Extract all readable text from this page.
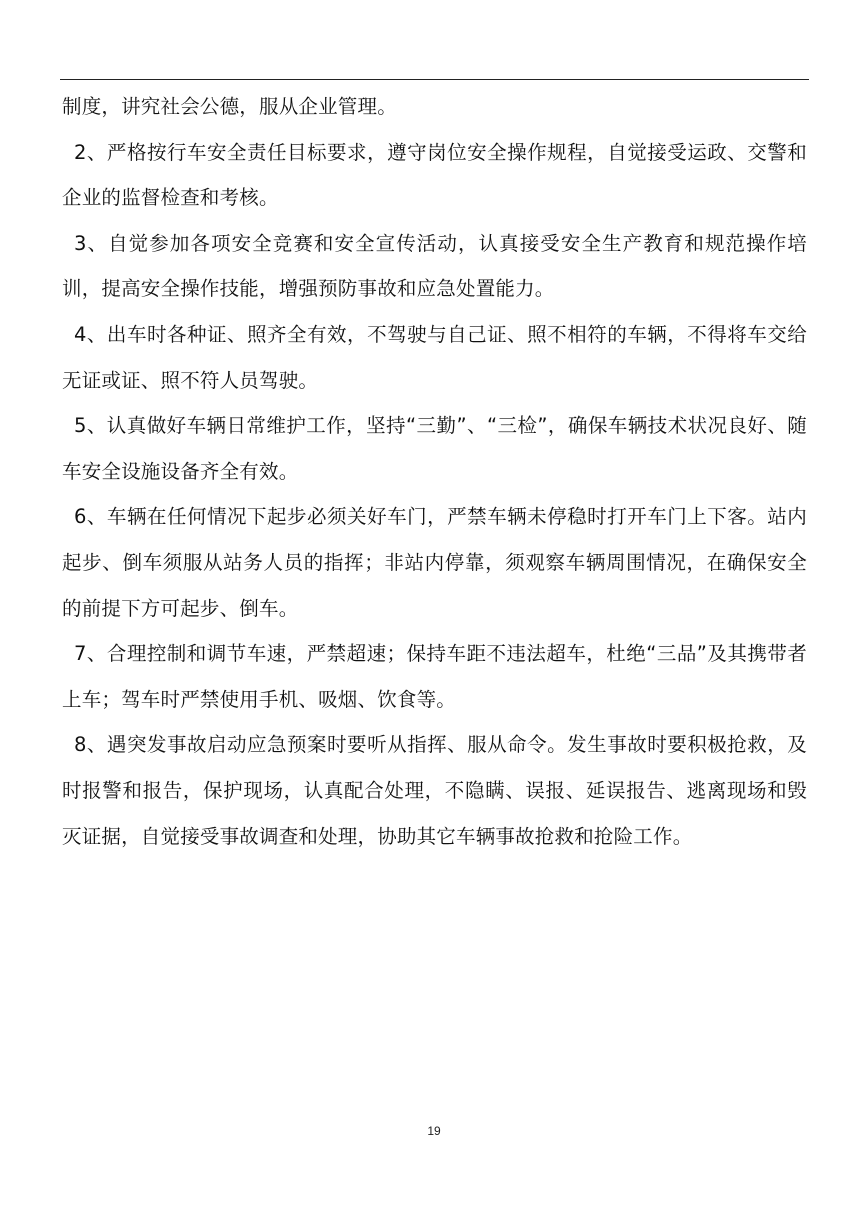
制度，讲究社会公德，服从企业管理。

2、严格按行车安全责任目标要求，遵守岗位安全操作规程，自觉接受运政、交警和企业的监督检查和考核。

3、自觉参加各项安全竞赛和安全宣传活动，认真接受安全生产教育和规范操作培训，提高安全操作技能，增强预防事故和应急处置能力。

4、出车时各种证、照齐全有效，不驾驶与自己证、照不相符的车辆，不得将车交给无证或证、照不符人员驾驶。

5、认真做好车辆日常维护工作，坚持“三勤”、“三检”，确保车辆技术状况良好、随车安全设施设备齐全有效。

6、车辆在任何情况下起步必须关好车门，严禁车辆未停稳时打开车门上下客。站内起步、倒车须服从站务人员的指挥；非站内停靠，须观察车辆周围情况，在确保安全的前提下方可起步、倒车。

7、合理控制和调节车速，严禁超速；保持车距不违法超车，杜绝“三品”及其携带者上车；驾车时严禁使用手机、吸烟、饮食等。

8、遇突发事故启动应急预案时要听从指挥、服从命令。发生事故时要积极抢救，及时报警和报告，保护现场，认真配合处理，不隐瞒、误报、延误报告、逃离现场和毁灭证据，自觉接受事故调查和处理，协助其它车辆事故抢救和抢险工作。

19
